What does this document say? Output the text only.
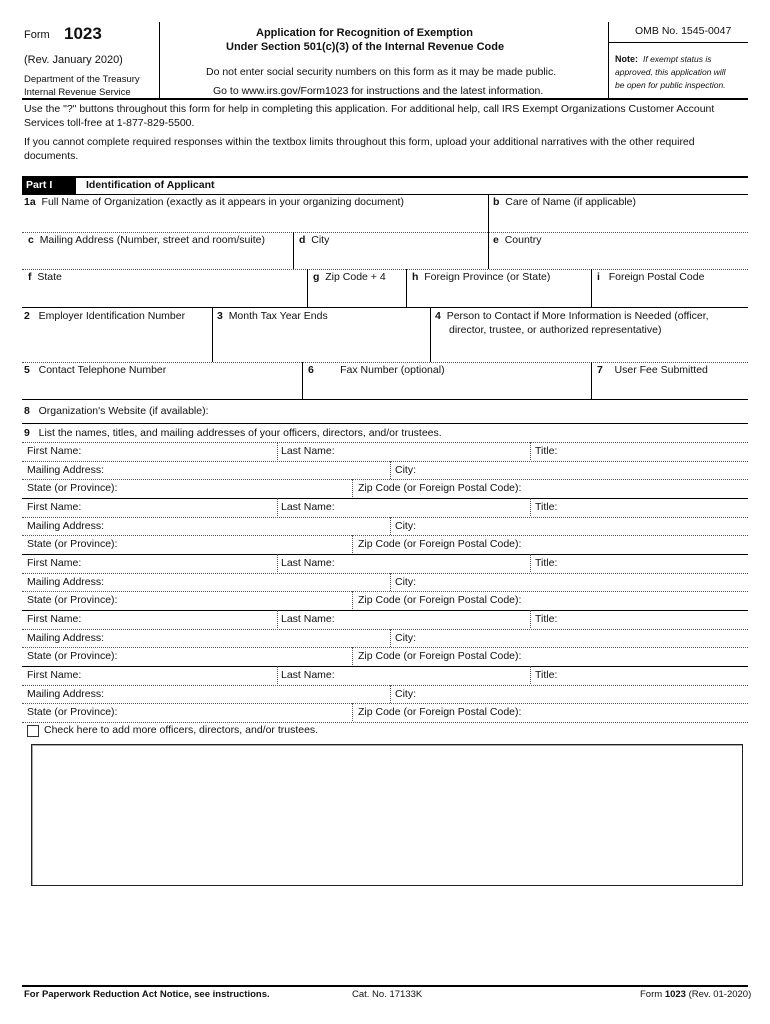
Form 1023
(Rev. January 2020)
Department of the Treasury
Internal Revenue Service
Application for Recognition of Exemption
Under Section 501(c)(3) of the Internal Revenue Code
Do not enter social security numbers on this form as it may be made public.
Go to www.irs.gov/Form1023 for instructions and the latest information.
OMB No. 1545-0047
Note: If exempt status is
approved, this application will
be open for public inspection.
Use the "?" buttons throughout this form for help in completing this application. For additional help, call IRS Exempt Organizations Customer Account
Services toll-free at 1-877-829-5500.
If you cannot complete required responses within the textbox limits throughout this form, upload your additional narratives with the other required
documents.
Part I	Identification of Applicant
1a Full Name of Organization (exactly as it appears in your organizing document)	b Care of Name (if applicable)
c Mailing Address (Number, street and room/suite)	d City	e Country
f State	g Zip Code + 4	h Foreign Province (or State)	i Foreign Postal Code
2 Employer Identification Number	3 Month Tax Year Ends	4 Person to Contact if More Information is Needed (officer,
director, trustee, or authorized representative)
5 Contact Telephone Number	6	Fax Number (optional)	7 User Fee Submitted
8 Organization's Website (if available):
9 List the names, titles, and mailing addresses of your officers, directors, and/or trustees.
First Name:	Last Name:	Title:
Mailing Address:	City:
State (or Province):	Zip Code (or Foreign Postal Code):
First Name:	Last Name:	Title:
Mailing Address:	City:
State (or Province):	Zip Code (or Foreign Postal Code):
First Name:	Last Name:	Title:
Mailing Address:	City:
State (or Province):	Zip Code (or Foreign Postal Code):
First Name:	Last Name:	Title:
Mailing Address:	City:
State (or Province):	Zip Code (or Foreign Postal Code):
First Name:	Last Name:	Title:
Mailing Address:	City:
State (or Province):	Zip Code (or Foreign Postal Code):
Check here to add more officers, directors, and/or trustees.
For Paperwork Reduction Act Notice, see instructions.	Cat. No. 17133K	Form 1023 (Rev. 01-2020)
